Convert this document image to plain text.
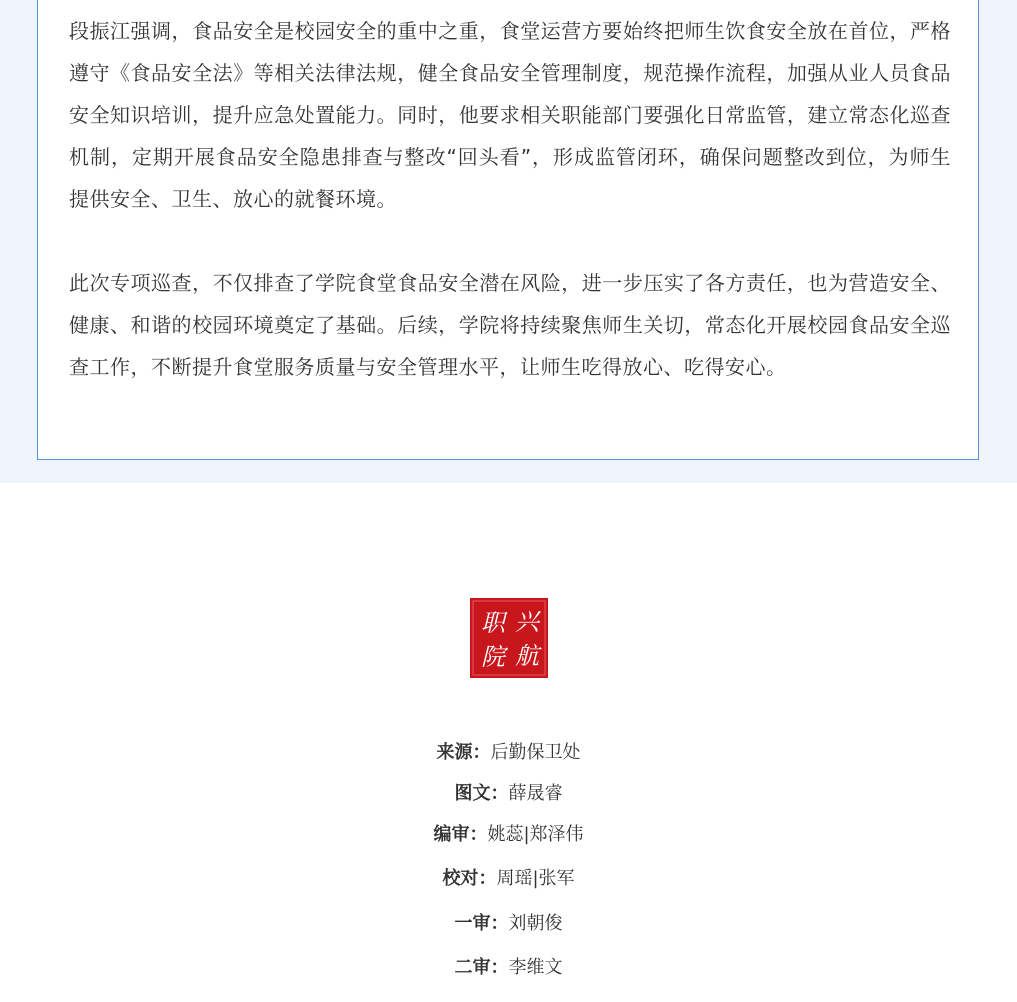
段振江强调，食品安全是校园安全的重中之重，食堂运营方要始终把师生饮食安全放在首位，严格遵守《食品安全法》等相关法律法规，健全食品安全管理制度，规范操作流程，加强从业人员食品安全知识培训，提升应急处置能力。同时，他要求相关职能部门要强化日常监管，建立常态化巡查机制，定期开展食品安全隐患排查与整改“回头看”，形成监管闭环，确保问题整改到位，为师生提供安全、卫生、放心的就餐环境。

此次专项巡查，不仅排查了学院食堂食品安全潜在风险，进一步压实了各方责任，也为营造安全、健康、和谐的校园环境奠定了基础。后续，学院将持续聚焦师生关切，常态化开展校园食品安全巡查工作，不断提升食堂服务质量与安全管理水平，让师生吃得放心、吃得安心。

兴
职
航
院
来源：后勤保卫处
图文：薛晟睿
编审：姚蕊|郑泽伟
校对：周瑶|张军
一审：刘朝俊
二审：李维文
